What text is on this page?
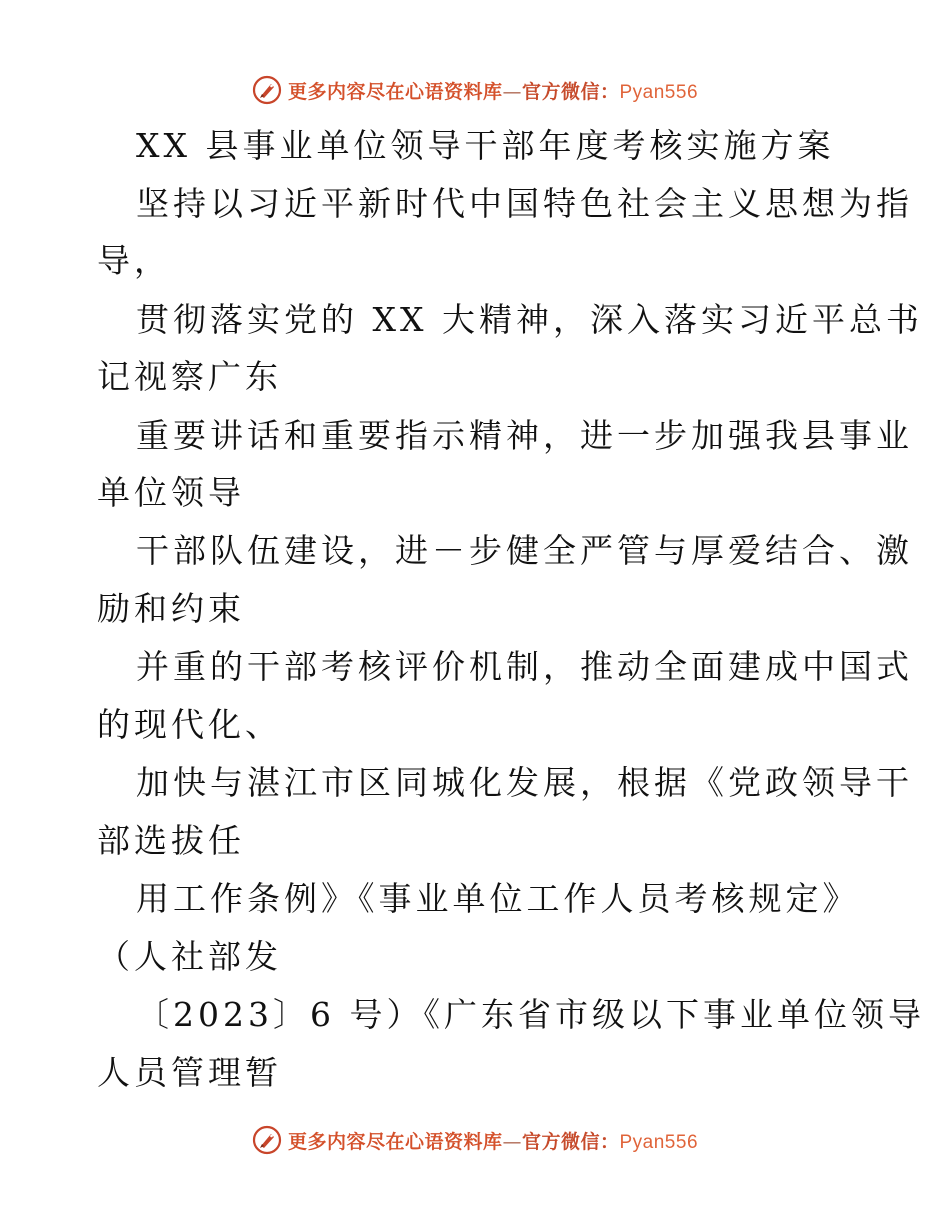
更多内容尽在心语资料库—官方微信：Pyan556
XX 县事业单位领导干部年度考核实施方案
坚持以习近平新时代中国特色社会主义思想为指
导，
贯彻落实党的 XX 大精神，深入落实习近平总书
记视察广东
重要讲话和重要指示精神，进一步加强我县事业
单位领导
干部队伍建设，进－步健全严管与厚爱结合、激
励和约束
并重的干部考核评价机制，推动全面建成中国式
的现代化、
加快与湛江市区同城化发展，根据《党政领导干
部选拔任
用工作条例》《事业单位工作人员考核规定》
（人社部发
〔2023〕6 号）《广东省市级以下事业单位领导
人员管理暂
更多内容尽在心语资料库—官方微信：Pyan556
